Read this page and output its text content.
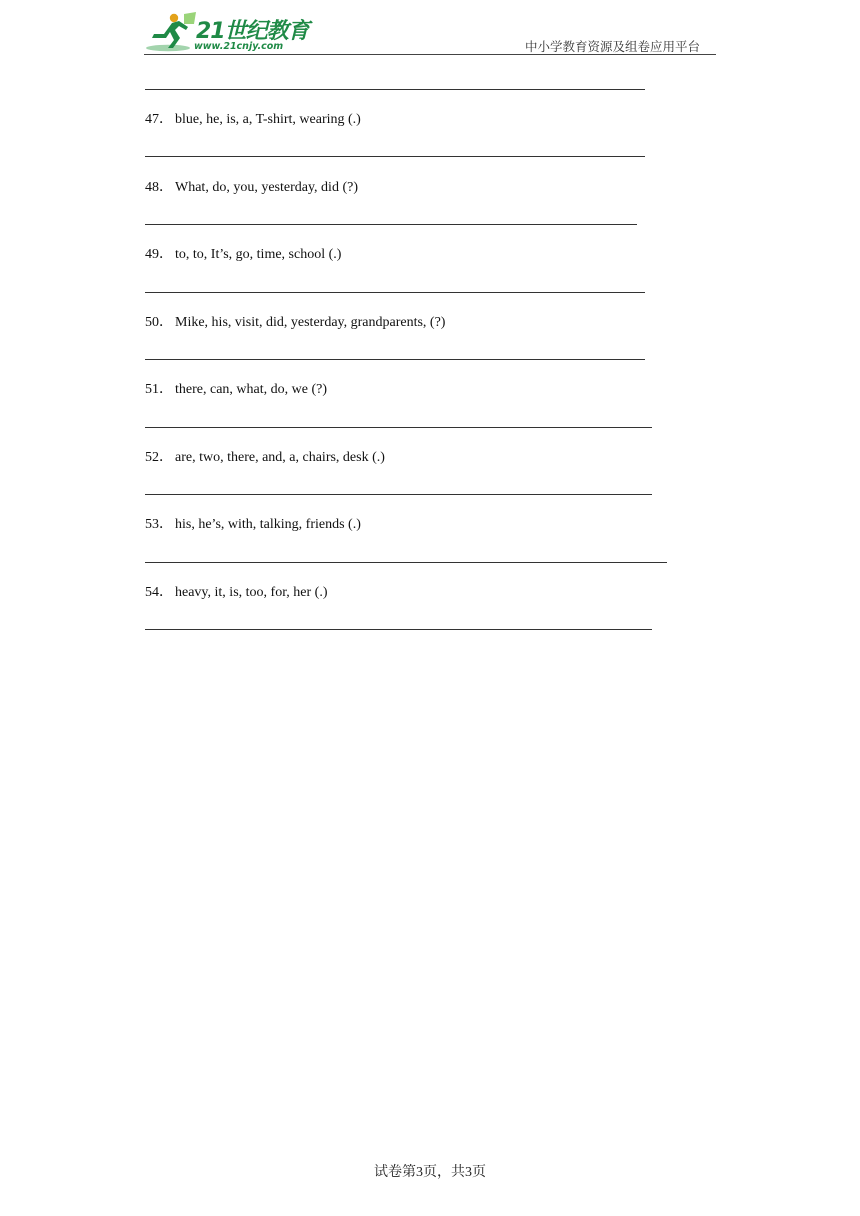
21世纪教育
www.21cnjy.com	中小学教育资源及组卷应用平台
47． blue, he, is, a, T-shirt, wearing (.)
48． What, do, you, yesterday, did (?)
49． to, to, It’s, go, time, school (.)
50． Mike, his, visit, did, yesterday, grandparents, (?)
51． there, can, what, do, we (?)
52． are, two, there, and, a, chairs, desk (.)
53． his, he’s, with, talking, friends (.)
54． heavy, it, is, too, for, her (.)
试卷第3页，共3页
